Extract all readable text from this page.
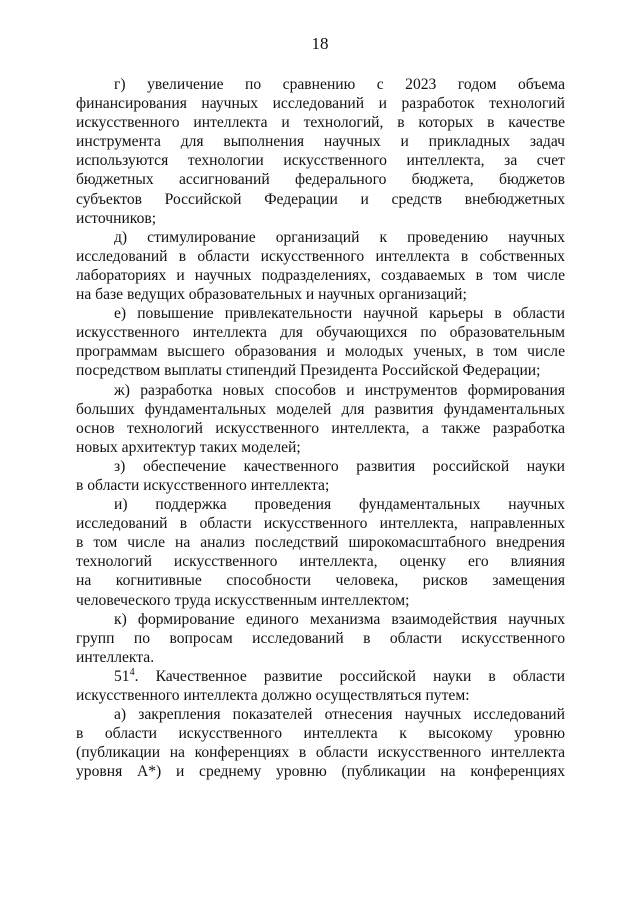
18
г) увеличение по сравнению с 2023 годом объема
финансирования научных исследований и разработок технологий
искусственного интеллекта и технологий, в которых в качестве
инструмента для выполнения научных и прикладных задач
используются технологии искусственного интеллекта, за счет
бюджетных ассигнований федерального бюджета, бюджетов
субъектов Российской Федерации и средств внебюджетных
источников;
д) стимулирование организаций к проведению научных
исследований в области искусственного интеллекта в собственных
лабораториях и научных подразделениях, создаваемых в том числе
на базе ведущих образовательных и научных организаций;
е) повышение привлекательности научной карьеры в области
искусственного интеллекта для обучающихся по образовательным
программам высшего образования и молодых ученых, в том числе
посредством выплаты стипендий Президента Российской Федерации;
ж) разработка новых способов и инструментов формирования
больших фундаментальных моделей для развития фундаментальных
основ технологий искусственного интеллекта, а также разработка
новых архитектур таких моделей;
з) обеспечение качественного развития российской науки
в области искусственного интеллекта;
и) поддержка проведения фундаментальных научных
исследований в области искусственного интеллекта, направленных
в том числе на анализ последствий широкомасштабного внедрения
технологий искусственного интеллекта, оценку его влияния
на когнитивные способности человека, рисков замещения
человеческого труда искусственным интеллектом;
к) формирование единого механизма взаимодействия научных
групп по вопросам исследований в области искусственного
интеллекта.
$51^4$. Качественное развитие российской науки в области
искусственного интеллекта должно осуществляться путем:
а) закрепления показателей отнесения научных исследований
в области искусственного интеллекта к высокому уровню
(публикации на конференциях в области искусственного интеллекта
уровня А*) и среднему уровню (публикации на конференциях
